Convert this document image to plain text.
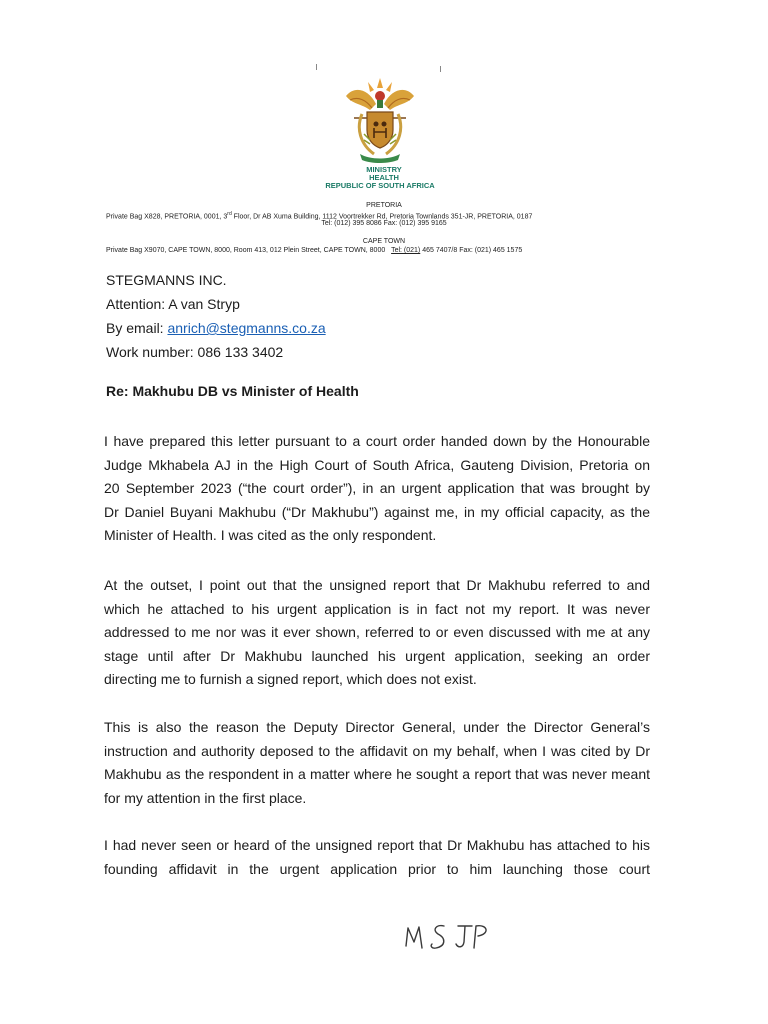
MINISTRY
HEALTH
REPUBLIC OF SOUTH AFRICA
PRETORIA
Private Bag X828, PRETORIA, 0001, 3rd Floor, Dr AB Xuma Building, 1112 Voortrekker Rd, Pretoria Townlands 351-JR, PRETORIA, 0187
Tel: (012) 395 8086 Fax: (012) 395 9165
CAPE TOWN
Private Bag X9070, CAPE TOWN, 8000, Room 413, 012 Plein Street, CAPE TOWN, 8000 Tel: (021) 465 7407/8 Fax: (021) 465 1575
STEGMANNS INC.
Attention: A van Stryp
By email: anrich@stegmanns.co.za
Work number: 086 133 3402
Re: Makhubu DB vs Minister of Health
I have prepared this letter pursuant to a court order handed down by the Honourable
Judge Mkhabela AJ in the High Court of South Africa, Gauteng Division, Pretoria on
20 September 2023 (“the court order”), in an urgent application that was brought by
Dr Daniel Buyani Makhubu (“Dr Makhubu”) against me, in my official capacity, as the
Minister of Health. I was cited as the only respondent.
At the outset, I point out that the unsigned report that Dr Makhubu referred to and
which he attached to his urgent application is in fact not my report. It was never
addressed to me nor was it ever shown, referred to or even discussed with me at any
stage until after Dr Makhubu launched his urgent application, seeking an order
directing me to furnish a signed report, which does not exist.
This is also the reason the Deputy Director General, under the Director General’s
instruction and authority deposed to the affidavit on my behalf, when I was cited by Dr
Makhubu as the respondent in a matter where he sought a report that was never meant
for my attention in the first place.
I had never seen or heard of the unsigned report that Dr Makhubu has attached to his
founding affidavit in the urgent application prior to him launching those court
